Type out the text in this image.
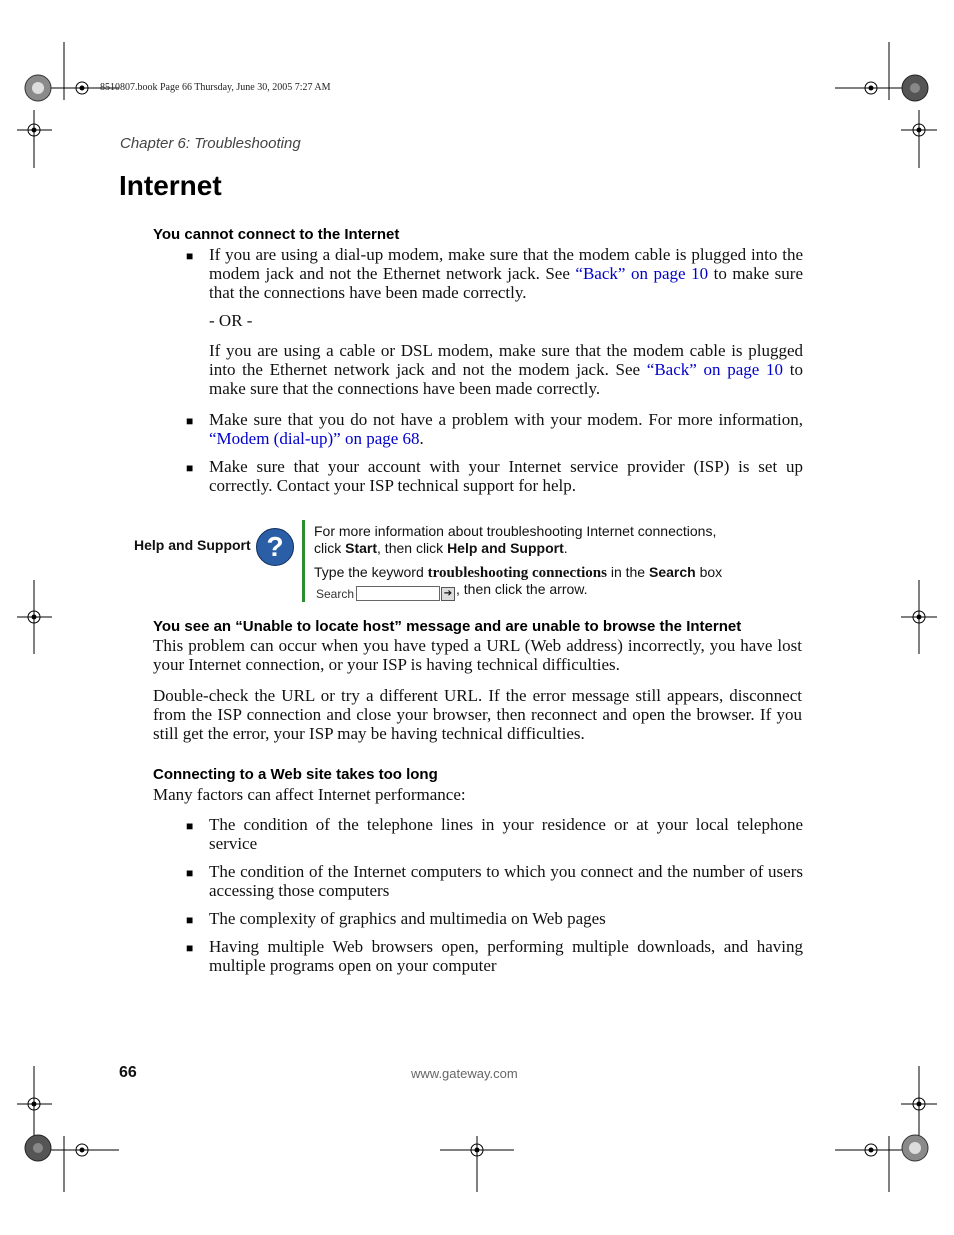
8510807.book Page 66 Thursday, June 30, 2005 7:27 AM
Chapter 6: Troubleshooting
Internet
You cannot connect to the Internet
■ If you are using a dial-up modem, make sure that the modem cable is plugged into the modem jack and not the Ethernet network jack. See “Back” on page 10 to make sure that the connections have been made correctly.
- OR -
If you are using a cable or DSL modem, make sure that the modem cable is plugged into the Ethernet network jack and not the modem jack. See “Back” on page 10 to make sure that the connections have been made correctly.
■ Make sure that you do not have a problem with your modem. For more information, “Modem (dial-up)” on page 68.
■ Make sure that your account with your Internet service provider (ISP) is set up correctly. Contact your ISP technical support for help.
Help and Support ?	For more information about troubleshooting Internet connections,
click Start, then click Help and Support.
Type the keyword troubleshooting connections in the Search box
Search	➔ , then click the arrow.
You see an “Unable to locate host” message and are unable to browse the Internet
This problem can occur when you have typed a URL (Web address) incorrectly, you have lost your Internet connection, or your ISP is having technical difficulties.
Double-check the URL or try a different URL. If the error message still appears, disconnect from the ISP connection and close your browser, then reconnect and open the browser. If you still get the error, your ISP may be having technical difficulties.
Connecting to a Web site takes too long
Many factors can affect Internet performance:
■ The condition of the telephone lines in your residence or at your local telephone service
■ The condition of the Internet computers to which you connect and the number of users accessing those computers
■ The complexity of graphics and multimedia on Web pages
■ Having multiple Web browsers open, performing multiple downloads, and having multiple programs open on your computer
66	www.gateway.com
